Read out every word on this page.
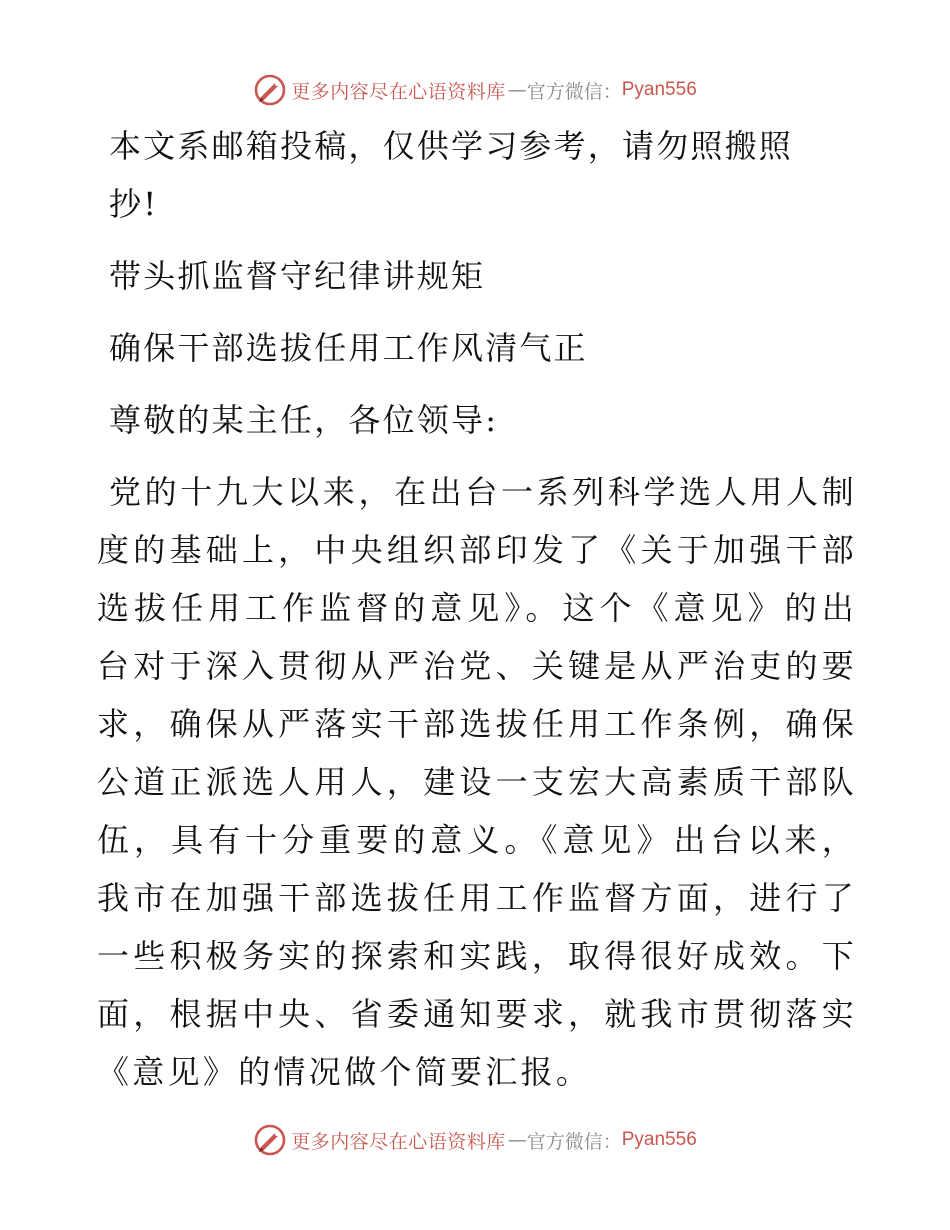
更多内容尽在心语资料库 — 官方微信： Pyan556

本文系邮箱投稿，仅供学习参考，请勿照搬照抄!

带头抓监督守纪律讲规矩

确保干部选拔任用工作风清气正

尊敬的某主任，各位领导:

党的十九大以来，在出台一系列科学选人用人制度的基础上，中央组织部印发了《关于加强干部选拔任用工作监督的意见》。这个《意见》的出台对于深入贯彻从严治党、关键是从严治吏的要求，确保从严落实干部选拔任用工作条例，确保公道正派选人用人，建设一支宏大高素质干部队伍，具有十分重要的意义。《意见》出台以来，我市在加强干部选拔任用工作监督方面，进行了一些积极务实的探索和实践，取得很好成效。下面，根据中央、省委通知要求，就我市贯彻落实《意见》的情况做个简要汇报。

更多内容尽在心语资料库 — 官方微信： Pyan556
